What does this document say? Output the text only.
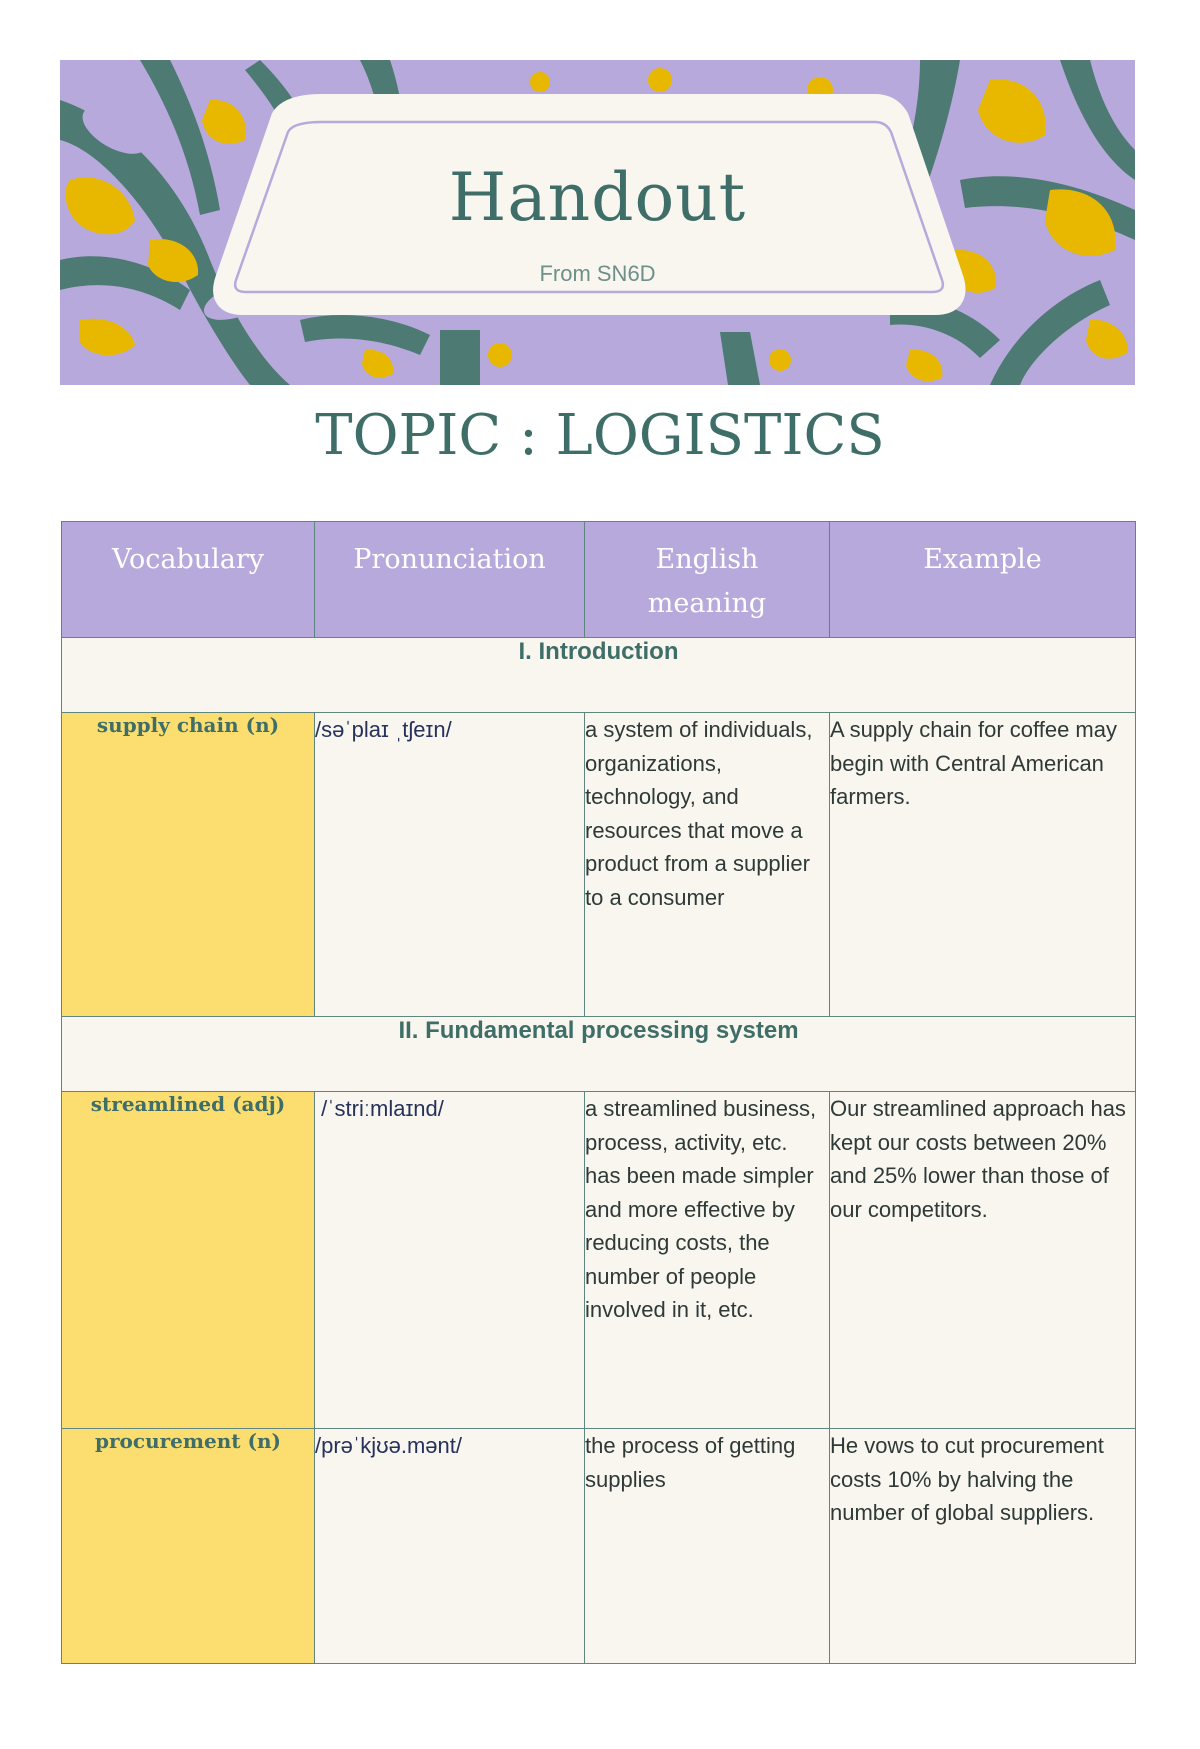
Handout
From SN6D
TOPIC : LOGISTICS
Vocabulary	Pronunciation	English meaning	Example
I. Introduction			
supply chain (n)	/səˈplaɪ ˌtʃeɪn/	a system of individuals, organizations, technology, and resources that move a product from a supplier to a consumer	A supply chain for coffee may begin with Central American farmers.
II. Fundamental processing system			
streamlined (adj)	/ˈstriːmlaɪnd/	a streamlined business, process, activity, etc. has been made simpler and more effective by reducing costs, the number of people involved in it, etc.	Our streamlined approach has kept our costs between 20% and 25% lower than those of our competitors.
procurement (n)	/prəˈkjʊə.mənt/	the process of getting supplies	He vows to cut procurement costs 10% by halving the number of global suppliers.
